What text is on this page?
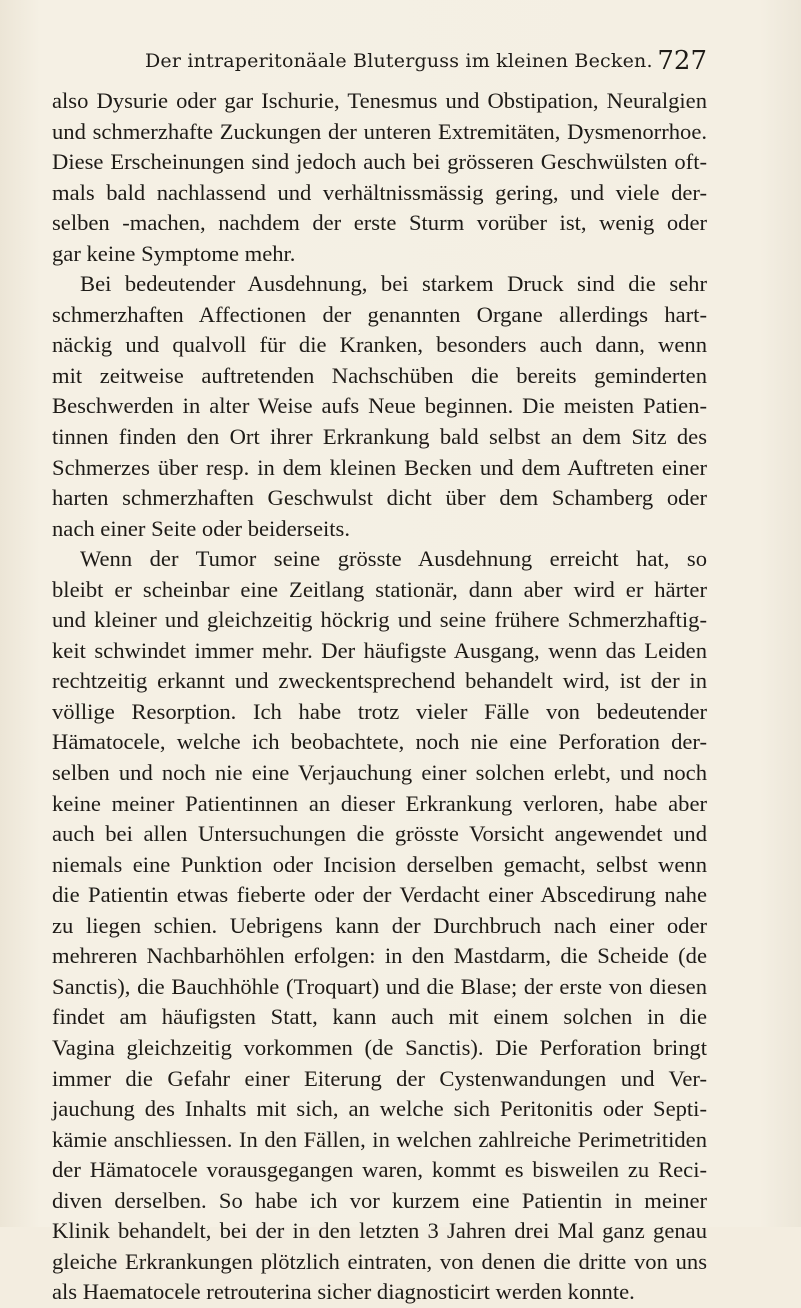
Der intraperitonäale Bluterguss im kleinen Becken. 727
also Dysurie oder gar Ischurie, Tenesmus und Obstipation, Neuralgien
und schmerzhafte Zuckungen der unteren Extremitäten, Dysmenorrhoe.
Diese Erscheinungen sind jedoch auch bei grösseren Geschwülsten oft-
mals bald nachlassend und verhältnissmässig gering, und viele der-
selben -machen, nachdem der erste Sturm vorüber ist, wenig oder
gar keine Symptome mehr.
Bei bedeutender Ausdehnung, bei starkem Druck sind die sehr
schmerzhaften Affectionen der genannten Organe allerdings hart-
näckig und qualvoll für die Kranken, besonders auch dann, wenn
mit zeitweise auftretenden Nachschüben die bereits geminderten
Beschwerden in alter Weise aufs Neue beginnen. Die meisten Patien-
tinnen finden den Ort ihrer Erkrankung bald selbst an dem Sitz des
Schmerzes über resp. in dem kleinen Becken und dem Auftreten einer
harten schmerzhaften Geschwulst dicht über dem Schamberg oder
nach einer Seite oder beiderseits.
Wenn der Tumor seine grösste Ausdehnung erreicht hat, so
bleibt er scheinbar eine Zeitlang stationär, dann aber wird er härter
und kleiner und gleichzeitig höckrig und seine frühere Schmerzhaftig-
keit schwindet immer mehr. Der häufigste Ausgang, wenn das Leiden
rechtzeitig erkannt und zweckentsprechend behandelt wird, ist der in
völlige Resorption. Ich habe trotz vieler Fälle von bedeutender
Hämatocele, welche ich beobachtete, noch nie eine Perforation der-
selben und noch nie eine Verjauchung einer solchen erlebt, und noch
keine meiner Patientinnen an dieser Erkrankung verloren, habe aber
auch bei allen Untersuchungen die grösste Vorsicht angewendet und
niemals eine Punktion oder Incision derselben gemacht, selbst wenn
die Patientin etwas fieberte oder der Verdacht einer Abscedirung nahe
zu liegen schien. Uebrigens kann der Durchbruch nach einer oder
mehreren Nachbarhöhlen erfolgen: in den Mastdarm, die Scheide (de
Sanctis), die Bauchhöhle (Troquart) und die Blase; der erste von diesen
findet am häufigsten Statt, kann auch mit einem solchen in die
Vagina gleichzeitig vorkommen (de Sanctis). Die Perforation bringt
immer die Gefahr einer Eiterung der Cystenwandungen und Ver-
jauchung des Inhalts mit sich, an welche sich Peritonitis oder Septi-
kämie anschliessen. In den Fällen, in welchen zahlreiche Perimetritiden
der Hämatocele vorausgegangen waren, kommt es bisweilen zu Reci-
diven derselben. So habe ich vor kurzem eine Patientin in meiner
Klinik behandelt, bei der in den letzten 3 Jahren drei Mal ganz genau
gleiche Erkrankungen plötzlich eintraten, von denen die dritte von uns
als Haematocele retrouterina sicher diagnosticirt werden konnte.
